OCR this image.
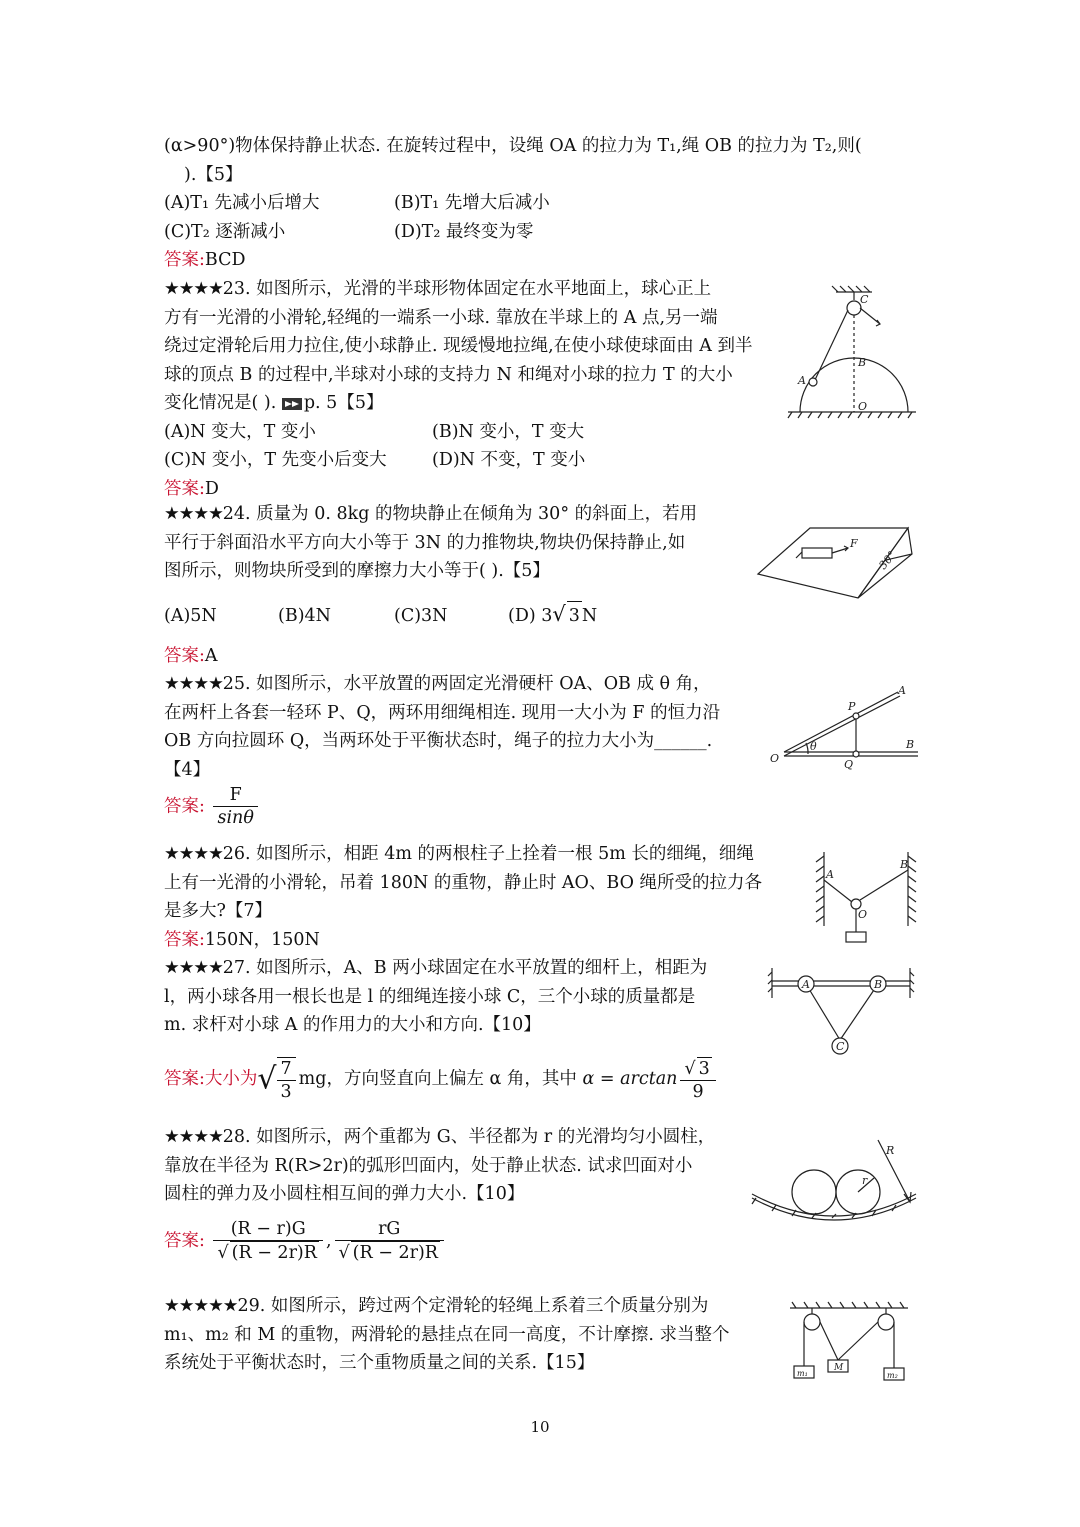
(α>90°)物体保持静止状态. 在旋转过程中，设绳 OA 的拉力为 T₁,绳 OB 的拉力为 T₂,则(
).【5】
(A)T₁ 先减小后增大	(B)T₁ 先增大后减小
(C)T₂ 逐渐减小	(D)T₂ 最终变为零
答案:BCD
★★★★23. 如图所示，光滑的半球形物体固定在水平地面上，球心正上
方有一光滑的小滑轮,轻绳的一端系一小球. 靠放在半球上的 A 点,另一端
绕过定滑轮后用力拉住,使小球静止. 现缓慢地拉绳,在使小球使球面由 A 到半
球的顶点 B 的过程中,半球对小球的支持力 N 和绳对小球的拉力 T 的大小
变化情况是( ). p. 5【5】
(A)N 变大，T 变小	(B)N 变小，T 变大
(C)N 变小，T 先变小后变大	(D)N 不变，T 变小
答案:D
C
B
A
O
★★★★24. 质量为 0. 8kg 的物块静止在倾角为 30° 的斜面上，若用
平行于斜面沿水平方向大小等于 3N 的力推物块,物块仍保持静止,如
图所示，则物块所受到的摩擦力大小等于( ).【5】
(A)5N	(B)4N	(C)3N	(D) 3√ 3 N
答案:A
F
30°
★★★★25. 如图所示，水平放置的两固定光滑硬杆 OA、OB 成 θ 角，
在两杆上各套一轻环 P、Q，两环用细绳相连. 现用一大小为 F 的恒力沿
OB 方向拉圆环 Q，当两环处于平衡状态时，绳子的拉力大小为______.
【4】
答案: $\frac{F}{\sin\theta}$
P
A
θ
O	Q
B
★★★★26. 如图所示，相距 4m 的两根柱子上拴着一根 5m 长的细绳，细绳
上有一光滑的小滑轮，吊着 180N 的重物，静止时 AO、BO 绳所受的拉力各
是多大?【7】
答案:150N，150N
A
B
O
★★★★27. 如图所示，A、B 两小球固定在水平放置的细杆上，相距为
l，两小球各用一根长也是 l 的细绳连接小球 C，三个小球的质量都是
m. 求杆对小球 A 的作用力的大小和方向.【10】
答案:大小为√ $\frac{7}{3}$ mg，方向竖直向上偏左 α 角，其中 $\alpha = \arctan \frac{√ 3}{9}$
A	B
C
★★★★28. 如图所示，两个重都为 G、半径都为 r 的光滑均匀小圆柱，
靠放在半径为 R(R>2r)的弧形凹面内，处于静止状态. 试求凹面对小
圆柱的弹力及小圆柱相互间的弹力大小.【10】
答案: $\frac{(R - r)G}{√ (R - 2r)R}$ , $\frac{rG}{√ (R - 2r)R}$
R
r
★★★★★29. 如图所示，跨过两个定滑轮的轻绳上系着三个质量分别为
m₁、m₂ 和 M 的重物，两滑轮的悬挂点在同一高度，不计摩擦. 求当整个
系统处于平衡状态时，三个重物质量之间的关系.【15】
m₁
M
m₂
10
